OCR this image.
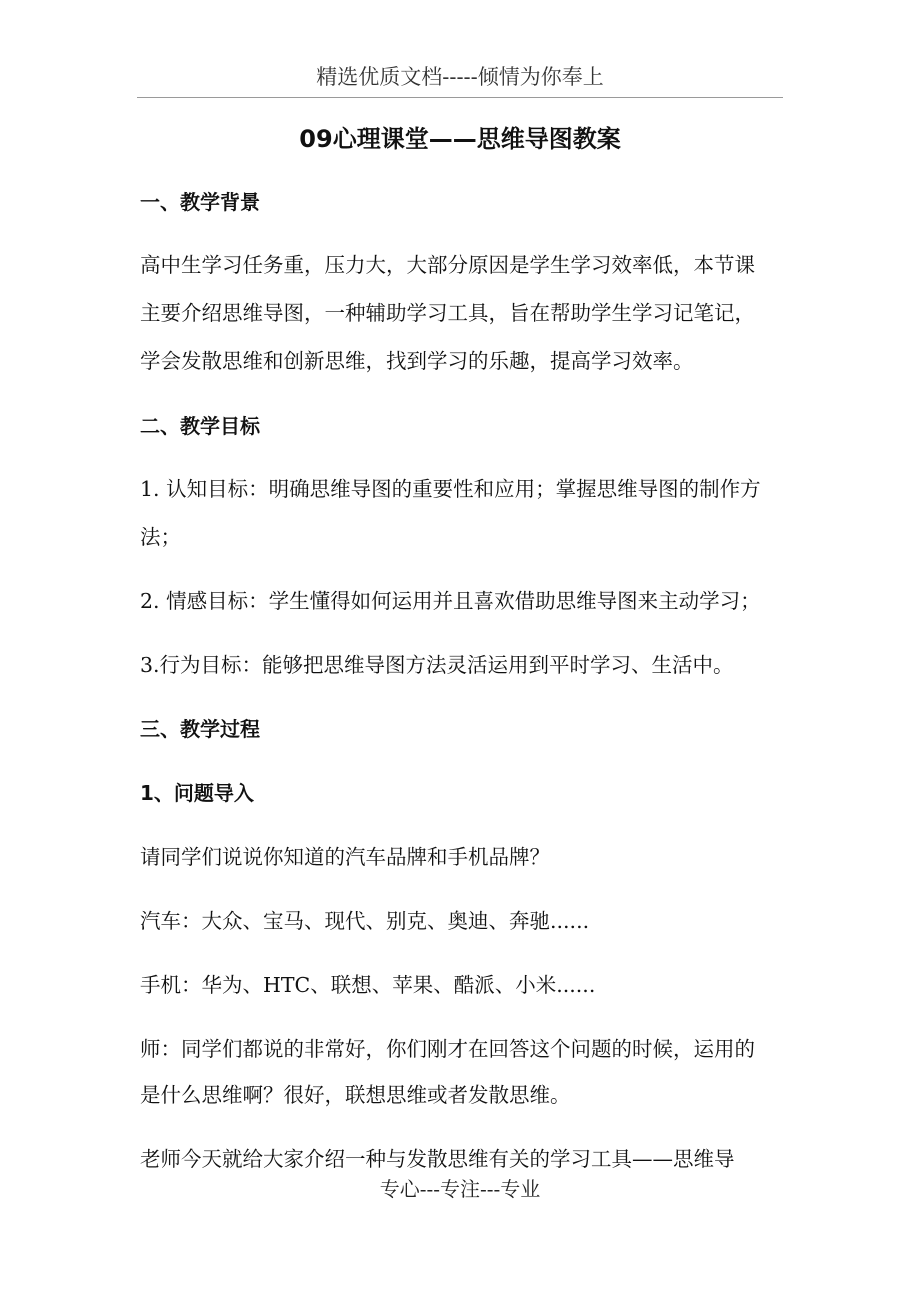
精选优质文档-----倾情为你奉上
09心理课堂——思维导图教案
一、教学背景
高中生学习任务重，压力大，大部分原因是学生学习效率低，本节课
主要介绍思维导图，一种辅助学习工具，旨在帮助学生学习记笔记，
学会发散思维和创新思维，找到学习的乐趣，提高学习效率。
二、教学目标
1. 认知目标：明确思维导图的重要性和应用；掌握思维导图的制作方
法；
2. 情感目标：学生懂得如何运用并且喜欢借助思维导图来主动学习；
3.行为目标：能够把思维导图方法灵活运用到平时学习、生活中。
三、教学过程
1、问题导入
请同学们说说你知道的汽车品牌和手机品牌？
汽车：大众、宝马、现代、别克、奥迪、奔驰......
手机：华为、HTC、联想、苹果、酷派、小米......
师：同学们都说的非常好，你们刚才在回答这个问题的时候，运用的
是什么思维啊？很好，联想思维或者发散思维。
老师今天就给大家介绍一种与发散思维有关的学习工具——思维导
专心---专注---专业
